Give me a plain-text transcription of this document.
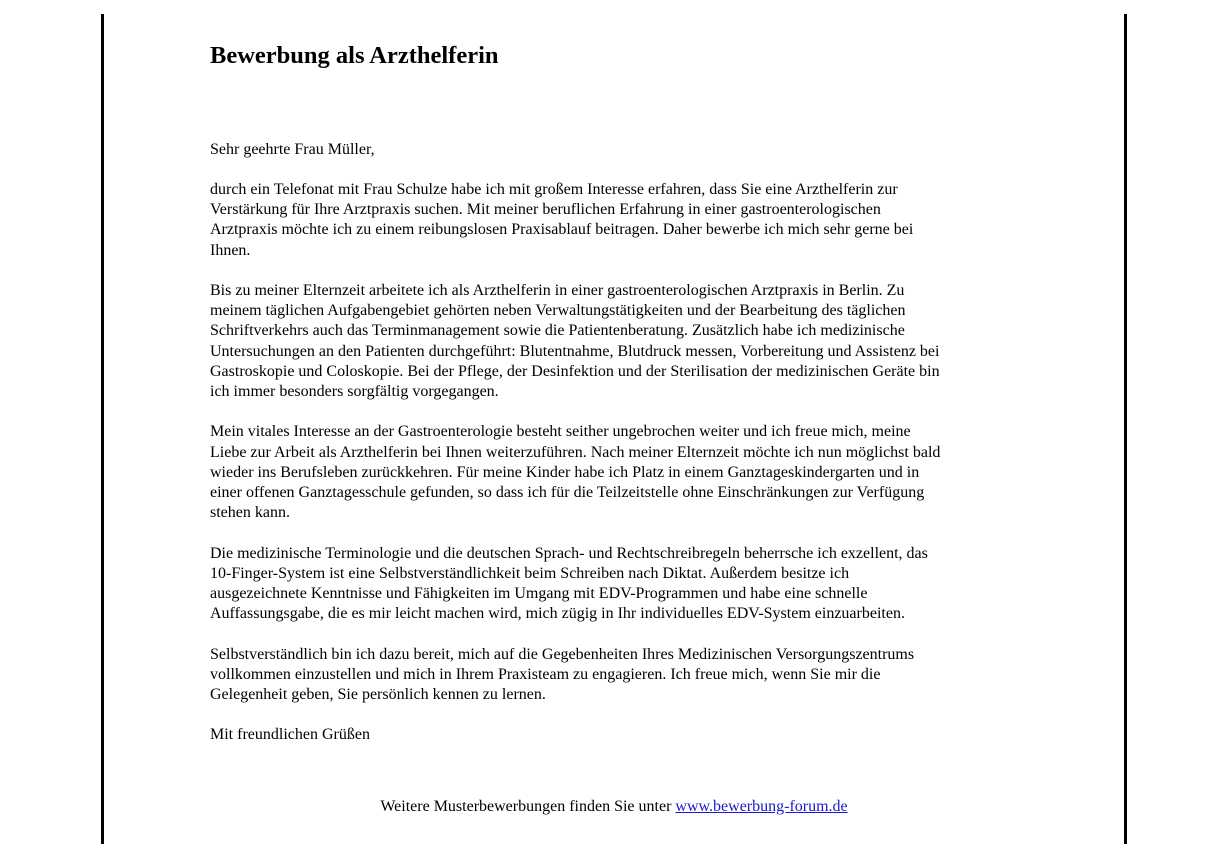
Bewerbung als Arzthelferin

Sehr geehrte Frau Müller,

durch ein Telefonat mit Frau Schulze habe ich mit großem Interesse erfahren, dass Sie eine Arzthelferin zur
Verstärkung für Ihre Arztpraxis suchen. Mit meiner beruflichen Erfahrung in einer gastroenterologischen
Arztpraxis möchte ich zu einem reibungslosen Praxisablauf beitragen. Daher bewerbe ich mich sehr gerne bei
Ihnen.

Bis zu meiner Elternzeit arbeitete ich als Arzthelferin in einer gastroenterologischen Arztpraxis in Berlin. Zu
meinem täglichen Aufgabengebiet gehörten neben Verwaltungstätigkeiten und der Bearbeitung des täglichen
Schriftverkehrs auch das Terminmanagement sowie die Patientenberatung. Zusätzlich habe ich medizinische
Untersuchungen an den Patienten durchgeführt: Blutentnahme, Blutdruck messen, Vorbereitung und Assistenz bei
Gastroskopie und Coloskopie. Bei der Pflege, der Desinfektion und der Sterilisation der medizinischen Geräte bin
ich immer besonders sorgfältig vorgegangen.

Mein vitales Interesse an der Gastroenterologie besteht seither ungebrochen weiter und ich freue mich, meine
Liebe zur Arbeit als Arzthelferin bei Ihnen weiterzuführen. Nach meiner Elternzeit möchte ich nun möglichst bald
wieder ins Berufsleben zurückkehren. Für meine Kinder habe ich Platz in einem Ganztageskindergarten und in
einer offenen Ganztagesschule gefunden, so dass ich für die Teilzeitstelle ohne Einschränkungen zur Verfügung
stehen kann.

Die medizinische Terminologie und die deutschen Sprach- und Rechtschreibregeln beherrsche ich exzellent, das
10-Finger-System ist eine Selbstverständlichkeit beim Schreiben nach Diktat. Außerdem besitze ich
ausgezeichnete Kenntnisse und Fähigkeiten im Umgang mit EDV-Programmen und habe eine schnelle
Auffassungsgabe, die es mir leicht machen wird, mich zügig in Ihr individuelles EDV-System einzuarbeiten.

Selbstverständlich bin ich dazu bereit, mich auf die Gegebenheiten Ihres Medizinischen Versorgungszentrums
vollkommen einzustellen und mich in Ihrem Praxisteam zu engagieren. Ich freue mich, wenn Sie mir die
Gelegenheit geben, Sie persönlich kennen zu lernen.

Mit freundlichen Grüßen

Weitere Musterbewerbungen finden Sie unter www.bewerbung-forum.de
